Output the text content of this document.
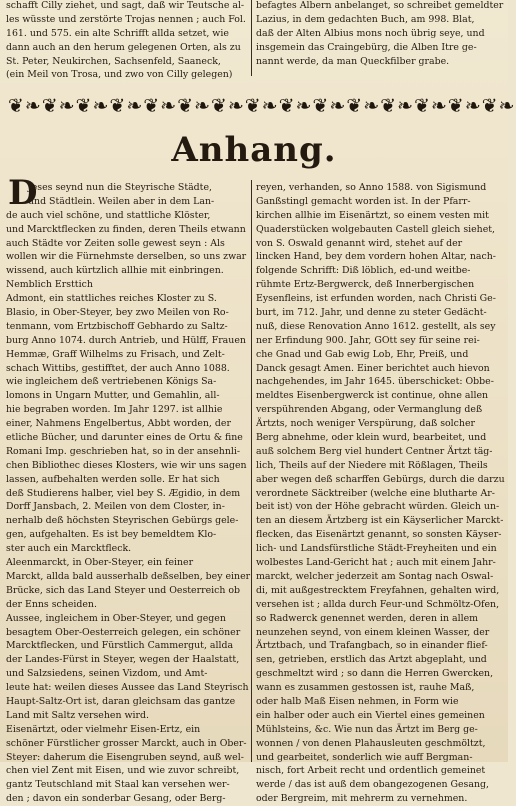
schafft Cilly ziehet, und sagt, daß wir Teutsche al-
les wüsste und zerstörte Trojas nennen ; auch Fol.
161. und 575. ein alte Schrifft allda setzet, wie
dann auch an den herum gelegenen Orten, als zu
St. Peter, Neukirchen, Sachsenfeld, Saaneck,
(ein Meil von Trosa, und zwo von Cilly gelegen)
befagtes Albern anbelanget, so schreibet gemeldter
Lazius, in dem gedachten Buch, am 998. Blat,
daß der Alten Albius mons noch übrig seye, und
insgemein das Craingebürg, die Alben Itre ge-
nannt werde, da man Queckfilber grabe.
❦❧❦❧❦❧❦❧❦❧❦❧❦❧❦❧❦❧❦❧❦❧❦❧❦❧❦❧❦❧
Anhang.
D
Jeses seynd nun die Steyrische Städte,
und Städtlein. Weilen aber in dem Lan-
de auch viel schöne, und stattliche Klöster,
und Marcktflecken zu finden, deren Theils etwann
auch Städte vor Zeiten solle gewest seyn : Als
wollen wir die Fürnehmste derselben, so uns zwar
wissend, auch kürtzlich allhie mit einbringen.
Nemblich Ersttich
Admont, ein stattliches reiches Kloster zu S.
Blasio, in Ober-Steyer, bey zwo Meilen von Ro-
tenmann, vom Ertzbischoff Gebhardo zu Saltz-
burg Anno 1074. durch Antrieb, und Hülff, Frauen
Hemmæ, Graff Wilhelms zu Frisach, und Zelt-
schach Wittibs, gestifftet, der auch Anno 1088.
wie ingleichem deß vertriebenen Königs Sa-
lomons in Ungarn Mutter, und Gemahlin, all-
hie begraben worden. Im Jahr 1297. ist allhie
einer, Nahmens Engelbertus, Abbt worden, der
etliche Bücher, und darunter eines de Ortu & fine
Romani Imp. geschrieben hat, so in der ansehnli-
chen Bibliothec dieses Klosters, wie wir uns sagen
lassen, aufbehalten werden solle. Er hat sich
deß Studierens halber, viel bey S. Ægidio, in dem
Dorff Jansbach, 2. Meilen von dem Closter, in-
nerhalb deß höchsten Steyrischen Gebürgs gele-
gen, aufgehalten. Es ist bey bemeldtem Klo-
ster auch ein Marcktfleck.
Aleenmarckt, in Ober-Steyer, ein feiner
Marckt, allda bald ausserhalb deßselben, bey einer
Brücke, sich das Land Steyer und Oesterreich ob
der Enns scheiden.
Aussee, ingleichem in Ober-Steyer, und gegen
besagtem Ober-Oesterreich gelegen, ein schöner
Marcktflecken, und Fürstlich Cammergut, allda
der Landes-Fürst in Steyer, wegen der Haalstatt,
und Salzsiedens, seinen Vizdom, und Amt-
leute hat: weilen dieses Aussee das Land Steyrisch
Haupt-Saltz-Ort ist, daran gleichsam das gantze
Land mit Saltz versehen wird.
Eisenärtzt, oder vielmehr Eisen-Ertz, ein
schöner Fürstlicher grosser Marckt, auch in Ober-
Steyer: daherum die Eisengruben seynd, auß wel-
chen viel Zent mit Eisen, und wie zuvor schreibt,
gantz Teutschland mit Staal kan versehen wer-
den ; davon ein sonderbar Gesang, oder Berg-
reyen, verhanden, so Anno 1588. von Sigismund
Ganßstingl gemacht worden ist. In der Pfarr-
kirchen allhie im Eisenärtzt, so einem vesten mit
Quaderstücken wolgebauten Castell gleich siehet,
von S. Oswald genannt wird, stehet auf der
lincken Hand, bey dem vordern hohen Altar, nach-
folgende Schrifft: Diß löblich, ed-und weitbe-
rühmte Ertz-Bergwerck, deß Innerbergischen
Eysenfleins, ist erfunden worden, nach Christi Ge-
burt, im 712. Jahr, und denne zu steter Gedächt-
nuß, diese Renovation Anno 1612. gestellt, als sey
ner Erfindung 900. Jahr, GOtt sey für seine rei-
che Gnad und Gab ewig Lob, Ehr, Preiß, und
Danck gesagt Amen. Einer berichtet auch hievon
nachgehendes, im Jahr 1645. überschicket: Obbe-
meldtes Eisenbergwerck ist continue, ohne allen
verspührenden Abgang, oder Vermanglung deß
Ärtzts, noch weniger Verspürung, daß solcher
Berg abnehme, oder klein wurd, bearbeitet, und
auß solchem Berg viel hundert Centner Ärtzt täg-
lich, Theils auf der Niedere mit Rößlagen, Theils
aber wegen deß scharffen Gebürgs, durch die darzu
verordnete Säcktreiber (welche eine blutharte Ar-
beit ist) von der Höhe gebracht würden. Gleich un-
ten an diesem Ärtzberg ist ein Käyserlicher Marckt-
flecken, das Eisenärtzt genannt, so sonsten Käyser-
lich- und Landsfürstliche Städt-Freyheiten und ein
wolbestes Land-Gericht hat ; auch mit einem Jahr-
marckt, welcher jederzeit am Sontag nach Oswal-
di, mit außgestrecktem Freyfahnen, gehalten wird,
versehen ist ; allda durch Feur-und Schmöltz-Ofen,
so Radwerck genennet werden, deren in allem
neunzehen seynd, von einem kleinen Wasser, der
Ärtztbach, und Trafangbach, so in einander flief-
sen, getrieben, erstlich das Artzt abgeplaht, und
geschmeltzt wird ; so dann die Herren Gwercken,
wann es zusammen gestossen ist, rauhe Maß,
oder halb Maß Eisen nehmen, in Form wie
ein halber oder auch ein Viertel eines gemeinen
Mühlsteins, &c. Wie nun das Ärtzt im Berg ge-
wonnen / von denen Plahausleuten geschmöltzt,
und gearbeitet, sonderlich wie auff Bergman-
nisch, fort Arbeit recht und ordentlich gemeinet
werde / das ist auß dem obangezogenen Gesang,
oder Bergreim, mit mehrerm zu vernehmen.
